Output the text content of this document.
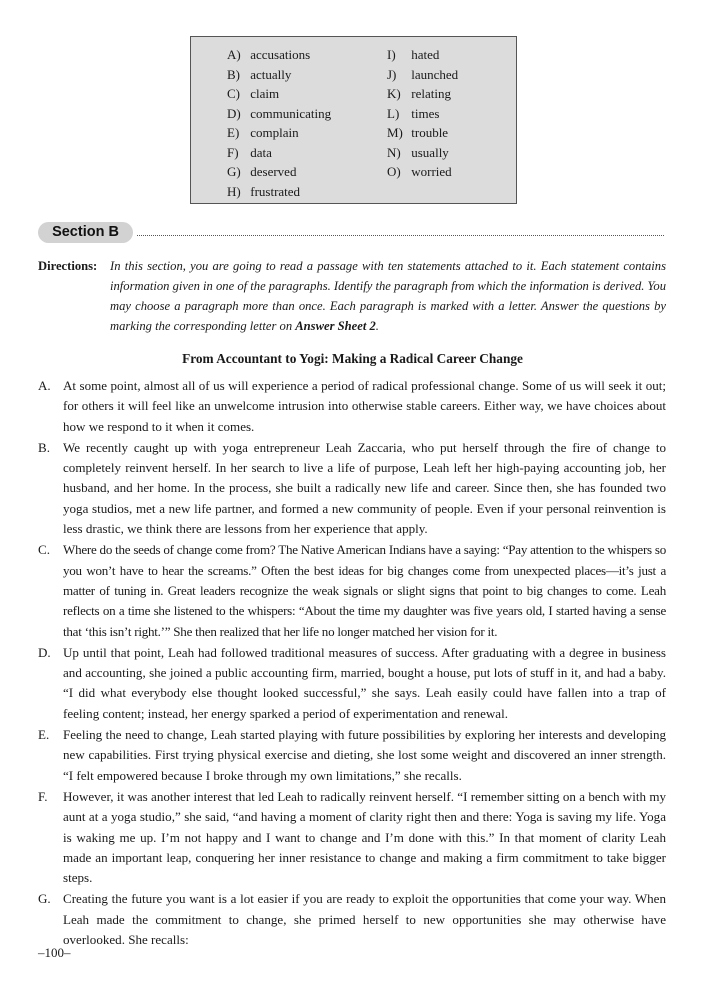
A) accusations
B) actually
C) claim
D) communicating
E) complain
F) data
G) deserved
H) frustrated
I) hated
J) launched
K) relating
L) times
M) trouble
N) usually
O) worried
Section B
Directions: In this section, you are going to read a passage with ten statements attached to it. Each statement contains information given in one of the paragraphs. Identify the paragraph from which the information is derived. You may choose a paragraph more than once. Each paragraph is marked with a letter. Answer the questions by marking the corresponding letter on Answer Sheet 2.
From Accountant to Yogi: Making a Radical Career Change
A. At some point, almost all of us will experience a period of radical professional change. Some of us will seek it out; for others it will feel like an unwelcome intrusion into otherwise stable careers. Either way, we have choices about how we respond to it when it comes.
B. We recently caught up with yoga entrepreneur Leah Zaccaria, who put herself through the fire of change to completely reinvent herself. In her search to live a life of purpose, Leah left her high-paying accounting job, her husband, and her home. In the process, she built a radically new life and career. Since then, she has founded two yoga studios, met a new life partner, and formed a new community of people. Even if your personal reinvention is less drastic, we think there are lessons from her experience that apply.
C. Where do the seeds of change come from? The Native American Indians have a saying: “Pay attention to the whispers so you won’t have to hear the screams.” Often the best ideas for big changes come from unexpected places—it’s just a matter of tuning in. Great leaders recognize the weak signals or slight signs that point to big changes to come. Leah reflects on a time she listened to the whispers: “About the time my daughter was five years old, I started having a sense that ‘this isn’t right.’” She then realized that her life no longer matched her vision for it.
D. Up until that point, Leah had followed traditional measures of success. After graduating with a degree in business and accounting, she joined a public accounting firm, married, bought a house, put lots of stuff in it, and had a baby. “I did what everybody else thought looked successful,” she says. Leah easily could have fallen into a trap of feeling content; instead, her energy sparked a period of experimentation and renewal.
E. Feeling the need to change, Leah started playing with future possibilities by exploring her interests and developing new capabilities. First trying physical exercise and dieting, she lost some weight and discovered an inner strength. “I felt empowered because I broke through my own limitations,” she recalls.
F. However, it was another interest that led Leah to radically reinvent herself. “I remember sitting on a bench with my aunt at a yoga studio,” she said, “and having a moment of clarity right then and there: Yoga is saving my life. Yoga is waking me up. I’m not happy and I want to change and I’m done with this.” In that moment of clarity Leah made an important leap, conquering her inner resistance to change and making a firm commitment to take bigger steps.
G. Creating the future you want is a lot easier if you are ready to exploit the opportunities that come your way. When Leah made the commitment to change, she primed herself to new opportunities she may otherwise have overlooked. She recalls:
–100–
